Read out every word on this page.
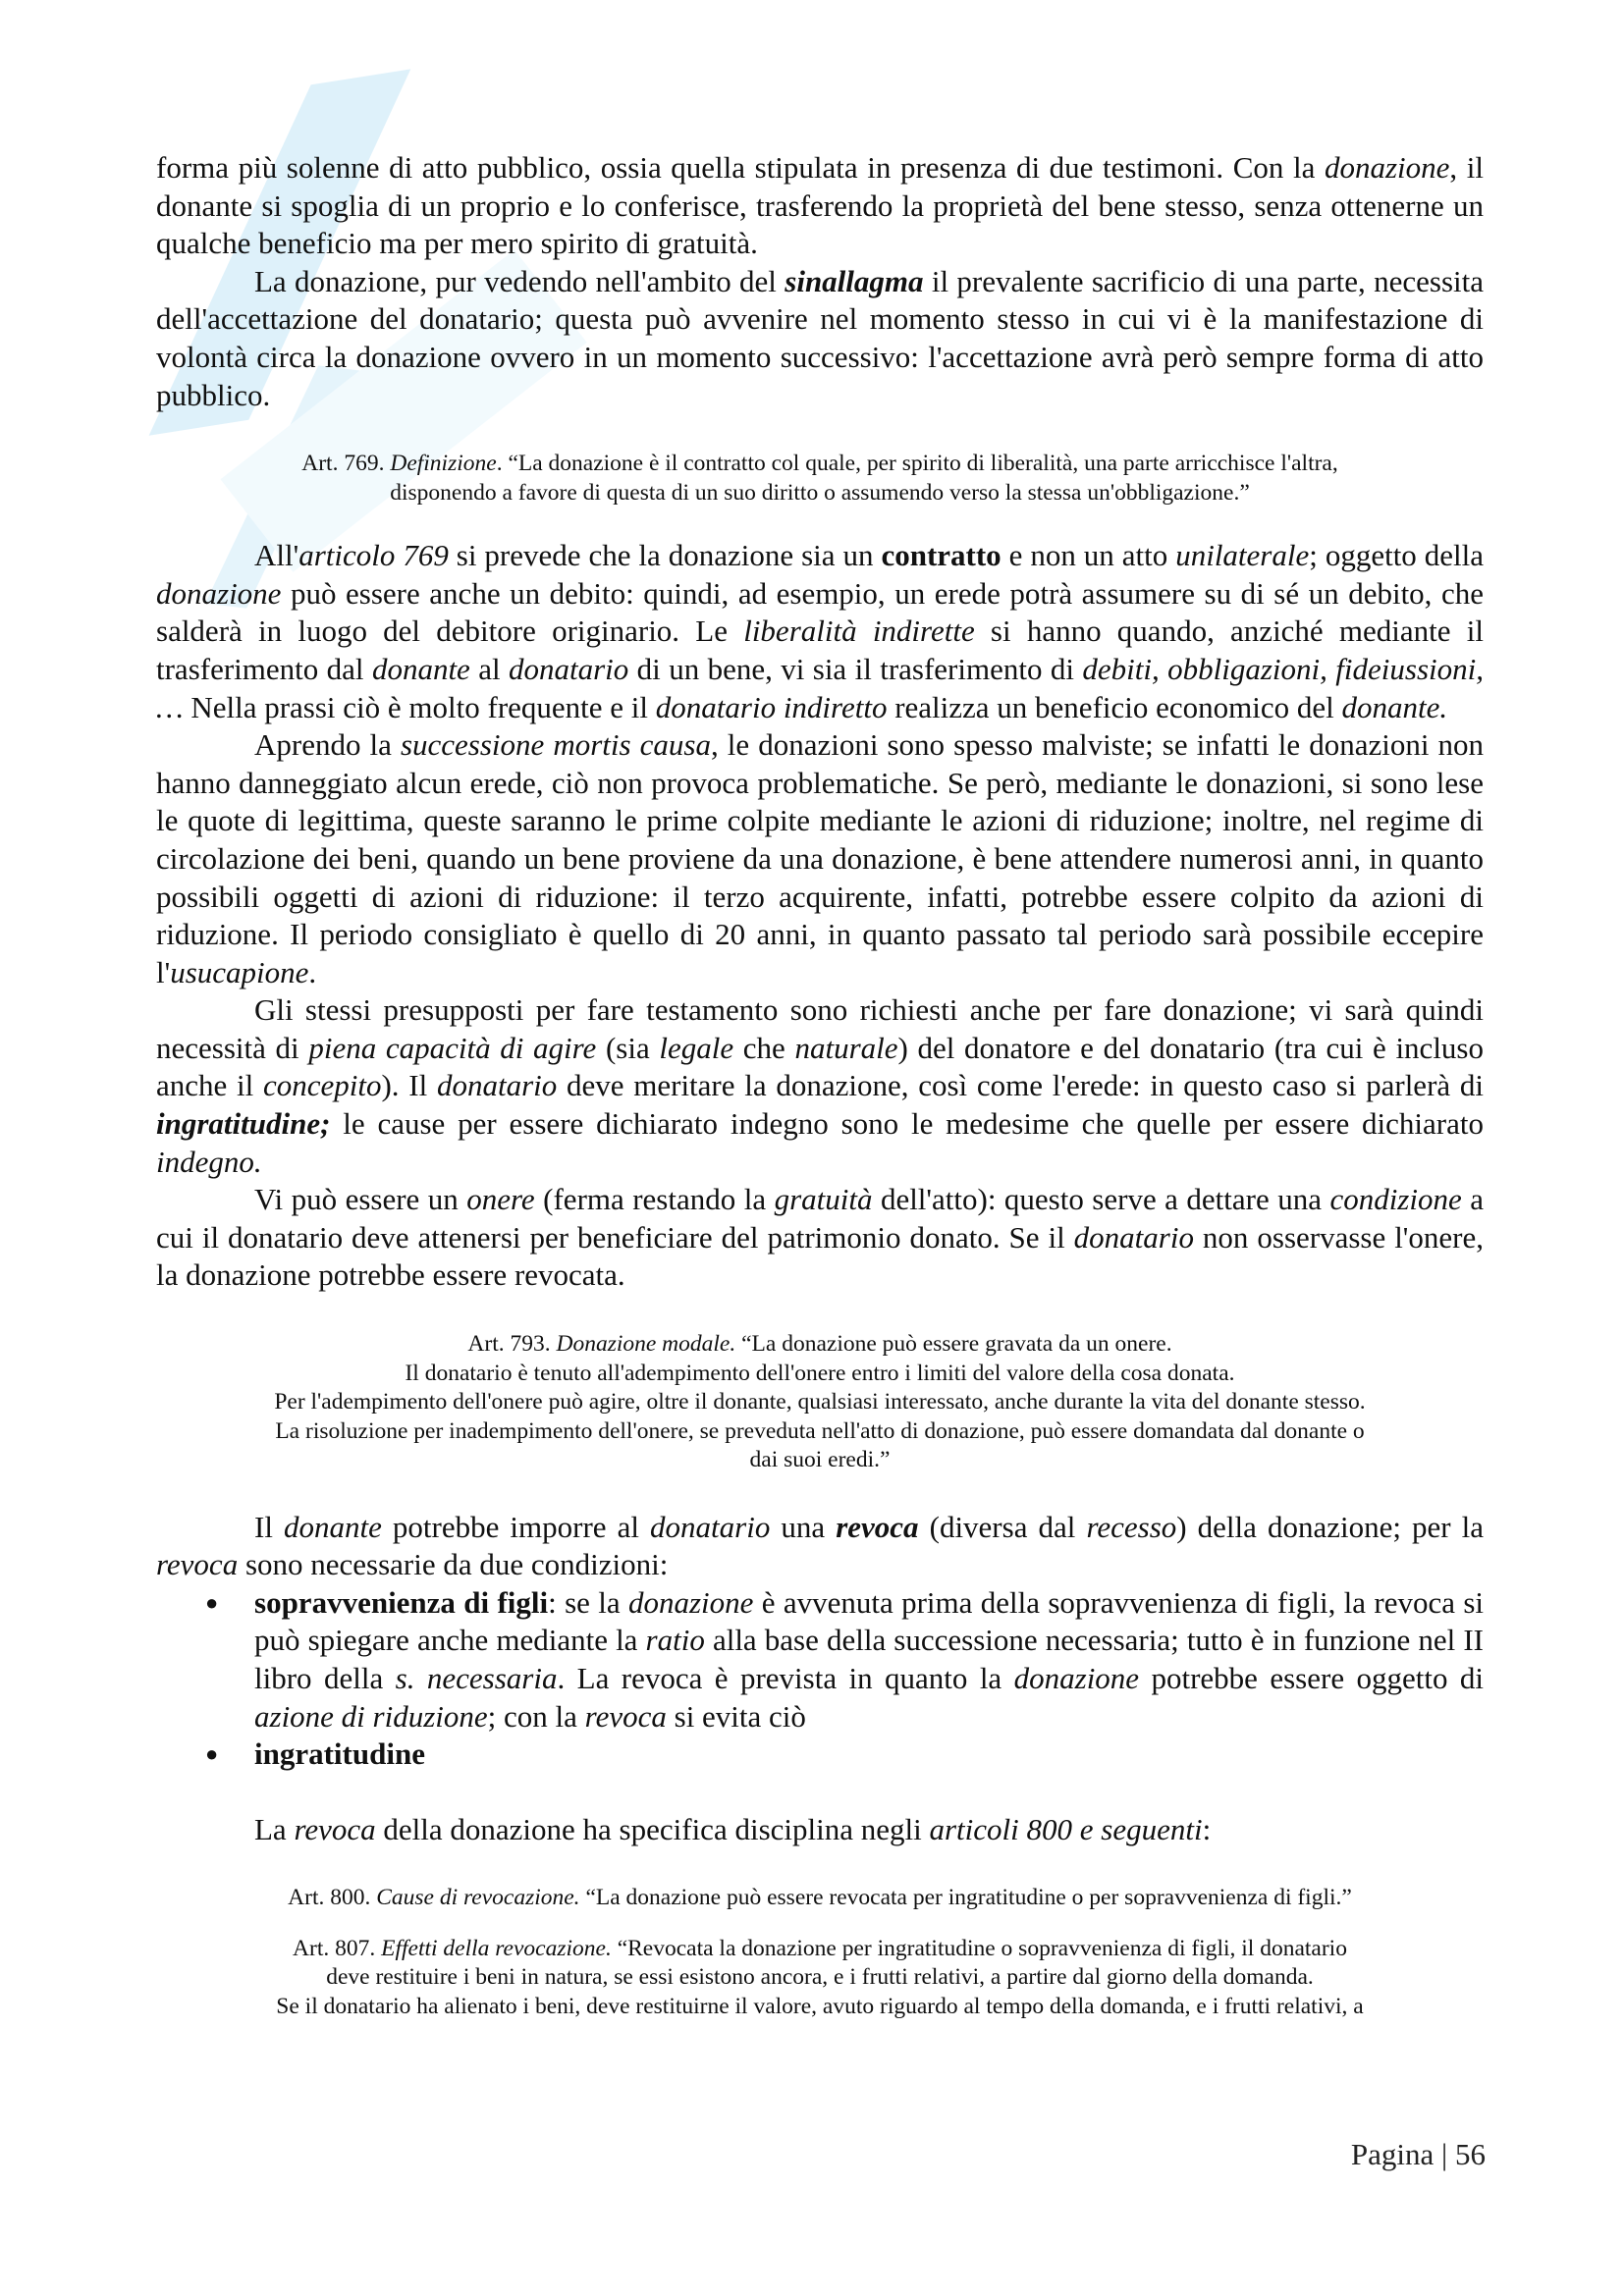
forma più solenne di atto pubblico, ossia quella stipulata in presenza di due testimoni. Con la donazione, il donante si spoglia di un proprio e lo conferisce, trasferendo la proprietà del bene stesso, senza ottenerne un qualche beneficio ma per mero spirito di gratuità.

La donazione, pur vedendo nell'ambito del sinallagma il prevalente sacrificio di una parte, necessita dell'accettazione del donatario; questa può avvenire nel momento stesso in cui vi è la manifestazione di volontà circa la donazione ovvero in un momento successivo: l'accettazione avrà però sempre forma di atto pubblico.

Art. 769. Definizione. “La donazione è il contratto col quale, per spirito di liberalità, una parte arricchisce l'altra,
disponendo a favore di questa di un suo diritto o assumendo verso la stessa un'obbligazione.”

All'articolo 769 si prevede che la donazione sia un contratto e non un atto unilaterale; oggetto della donazione può essere anche un debito: quindi, ad esempio, un erede potrà assumere su di sé un debito, che salderà in luogo del debitore originario. Le liberalità indirette si hanno quando, anziché mediante il trasferimento dal donante al donatario di un bene, vi sia il trasferimento di debiti, obbligazioni, fideiussioni, … Nella prassi ciò è molto frequente e il donatario indiretto realizza un beneficio economico del donante.

Aprendo la successione mortis causa, le donazioni sono spesso malviste; se infatti le donazioni non hanno danneggiato alcun erede, ciò non provoca problematiche. Se però, mediante le donazioni, si sono lese le quote di legittima, queste saranno le prime colpite mediante le azioni di riduzione; inoltre, nel regime di circolazione dei beni, quando un bene proviene da una donazione, è bene attendere numerosi anni, in quanto possibili oggetti di azioni di riduzione: il terzo acquirente, infatti, potrebbe essere colpito da azioni di riduzione. Il periodo consigliato è quello di 20 anni, in quanto passato tal periodo sarà possibile eccepire l'usucapione.

Gli stessi presupposti per fare testamento sono richiesti anche per fare donazione; vi sarà quindi necessità di piena capacità di agire (sia legale che naturale) del donatore e del donatario (tra cui è incluso anche il concepito). Il donatario deve meritare la donazione, così come l'erede: in questo caso si parlerà di ingratitudine; le cause per essere dichiarato indegno sono le medesime che quelle per essere dichiarato indegno.

Vi può essere un onere (ferma restando la gratuità dell'atto): questo serve a dettare una condizione a cui il donatario deve attenersi per beneficiare del patrimonio donato. Se il donatario non osservasse l'onere, la donazione potrebbe essere revocata.

Art. 793. Donazione modale. “La donazione può essere gravata da un onere.
Il donatario è tenuto all'adempimento dell'onere entro i limiti del valore della cosa donata.
Per l'adempimento dell'onere può agire, oltre il donante, qualsiasi interessato, anche durante la vita del donante stesso.
La risoluzione per inadempimento dell'onere, se preveduta nell'atto di donazione, può essere domandata dal donante o
dai suoi eredi.”

Il donante potrebbe imporre al donatario una revoca (diversa dal recesso) della donazione; per la revoca sono necessarie da due condizioni:

● sopravvenienza di figli: se la donazione è avvenuta prima della sopravvenienza di figli, la revoca si può spiegare anche mediante la ratio alla base della successione necessaria; tutto è in funzione nel II libro della s. necessaria. La revoca è prevista in quanto la donazione potrebbe essere oggetto di azione di riduzione; con la revoca si evita ciò
● ingratitudine

La revoca della donazione ha specifica disciplina negli articoli 800 e seguenti:

Art. 800. Cause di revocazione. “La donazione può essere revocata per ingratitudine o per sopravvenienza di figli.”

Art. 807. Effetti della revocazione. “Revocata la donazione per ingratitudine o sopravvenienza di figli, il donatario
deve restituire i beni in natura, se essi esistono ancora, e i frutti relativi, a partire dal giorno della domanda.
Se il donatario ha alienato i beni, deve restituirne il valore, avuto riguardo al tempo della domanda, e i frutti relativi, a

Pagina | 56
